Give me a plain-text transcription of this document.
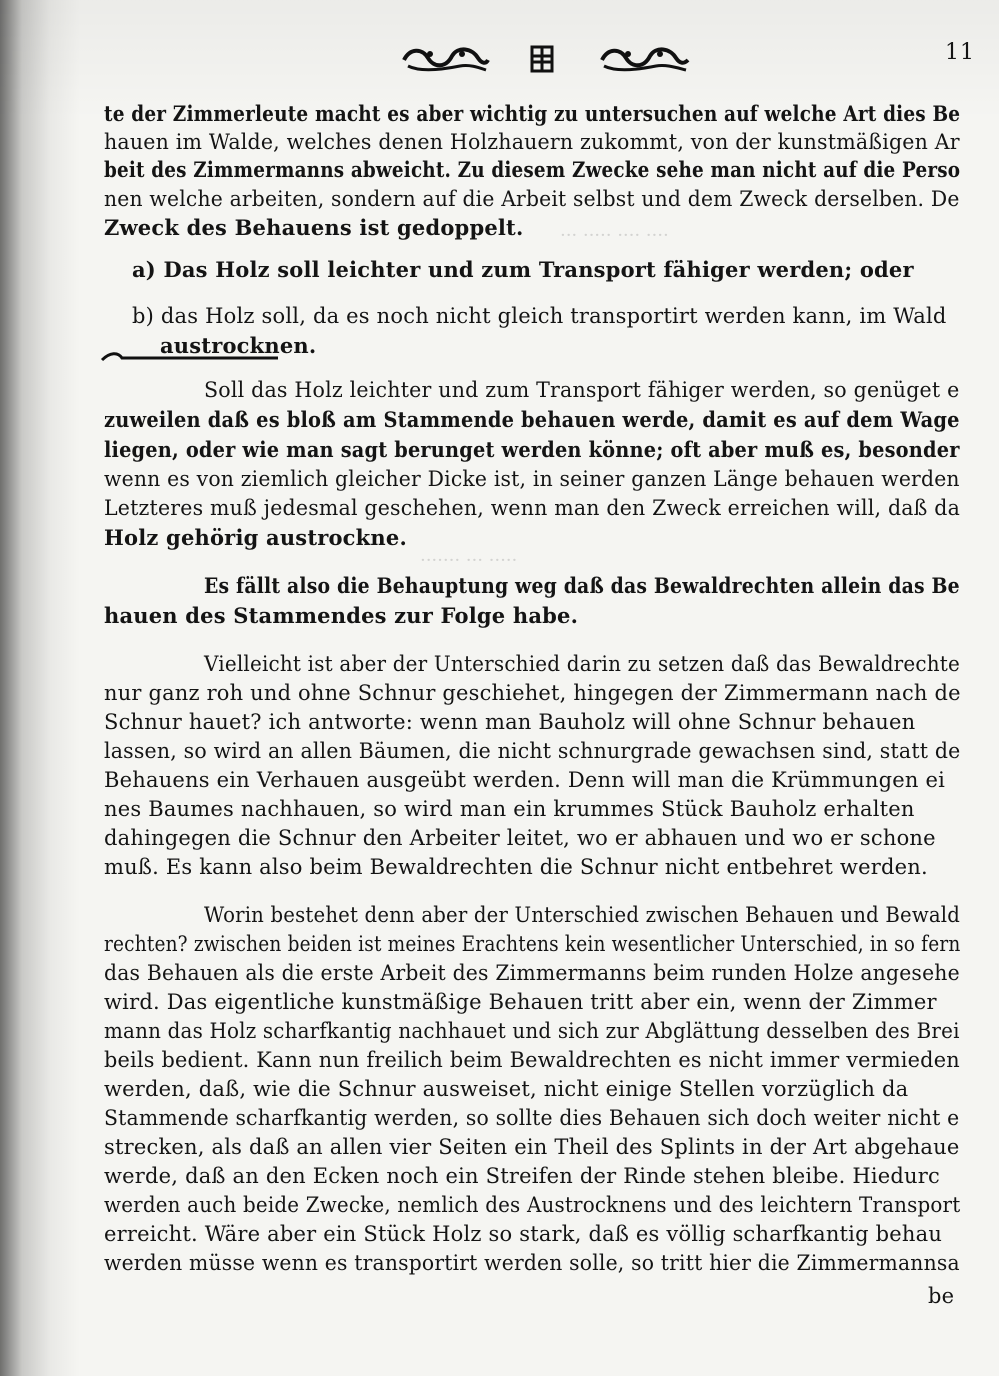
11
···· ···· ····· ···
····· ··· ·······
te der Zimmerleute macht es aber wichtig zu untersuchen auf welche Art dies Be
hauen im Walde, welches denen Holzhauern zukommt, von der kunstmäßigen Ar
beit des Zimmermanns abweicht. Zu diesem Zwecke sehe man nicht auf die Perso
nen welche arbeiten, sondern auf die Arbeit selbst und dem Zweck derselben. De
Zweck des Behauens ist gedoppelt.
a) Das Holz soll leichter und zum Transport fähiger werden; oder
b) das Holz soll, da es noch nicht gleich transportirt werden kann, im Wald
austrocknen.
Soll das Holz leichter und zum Transport fähiger werden, so genüget e
zuweilen daß es bloß am Stammende behauen werde, damit es auf dem Wage
liegen, oder wie man sagt berunget werden könne; oft aber muß es, besonder
wenn es von ziemlich gleicher Dicke ist, in seiner ganzen Länge behauen werden
Letzteres muß jedesmal geschehen, wenn man den Zweck erreichen will, daß da
Holz gehörig austrockne.
Es fällt also die Behauptung weg daß das Bewaldrechten allein das Be
hauen des Stammendes zur Folge habe.
Vielleicht ist aber der Unterschied darin zu setzen daß das Bewaldrechte
nur ganz roh und ohne Schnur geschiehet, hingegen der Zimmermann nach de
Schnur hauet? ich antworte: wenn man Bauholz will ohne Schnur behauen
lassen, so wird an allen Bäumen, die nicht schnurgrade gewachsen sind, statt de
Behauens ein Verhauen ausgeübt werden. Denn will man die Krümmungen ei
nes Baumes nachhauen, so wird man ein krummes Stück Bauholz erhalten
dahingegen die Schnur den Arbeiter leitet, wo er abhauen und wo er schone
muß. Es kann also beim Bewaldrechten die Schnur nicht entbehret werden.
Worin bestehet denn aber der Unterschied zwischen Behauen und Bewald
rechten? zwischen beiden ist meines Erachtens kein wesentlicher Unterschied, in so fern
das Behauen als die erste Arbeit des Zimmermanns beim runden Holze angesehe
wird. Das eigentliche kunstmäßige Behauen tritt aber ein, wenn der Zimmer
mann das Holz scharfkantig nachhauet und sich zur Abglättung desselben des Brei
beils bedient. Kann nun freilich beim Bewaldrechten es nicht immer vermieden
werden, daß, wie die Schnur ausweiset, nicht einige Stellen vorzüglich da
Stammende scharfkantig werden, so sollte dies Behauen sich doch weiter nicht e
strecken, als daß an allen vier Seiten ein Theil des Splints in der Art abgehaue
werde, daß an den Ecken noch ein Streifen der Rinde stehen bleibe. Hiedurc
werden auch beide Zwecke, nemlich des Austrocknens und des leichtern Transport
erreicht. Wäre aber ein Stück Holz so stark, daß es völlig scharfkantig behau
werden müsse wenn es transportirt werden solle, so tritt hier die Zimmermannsa
be
